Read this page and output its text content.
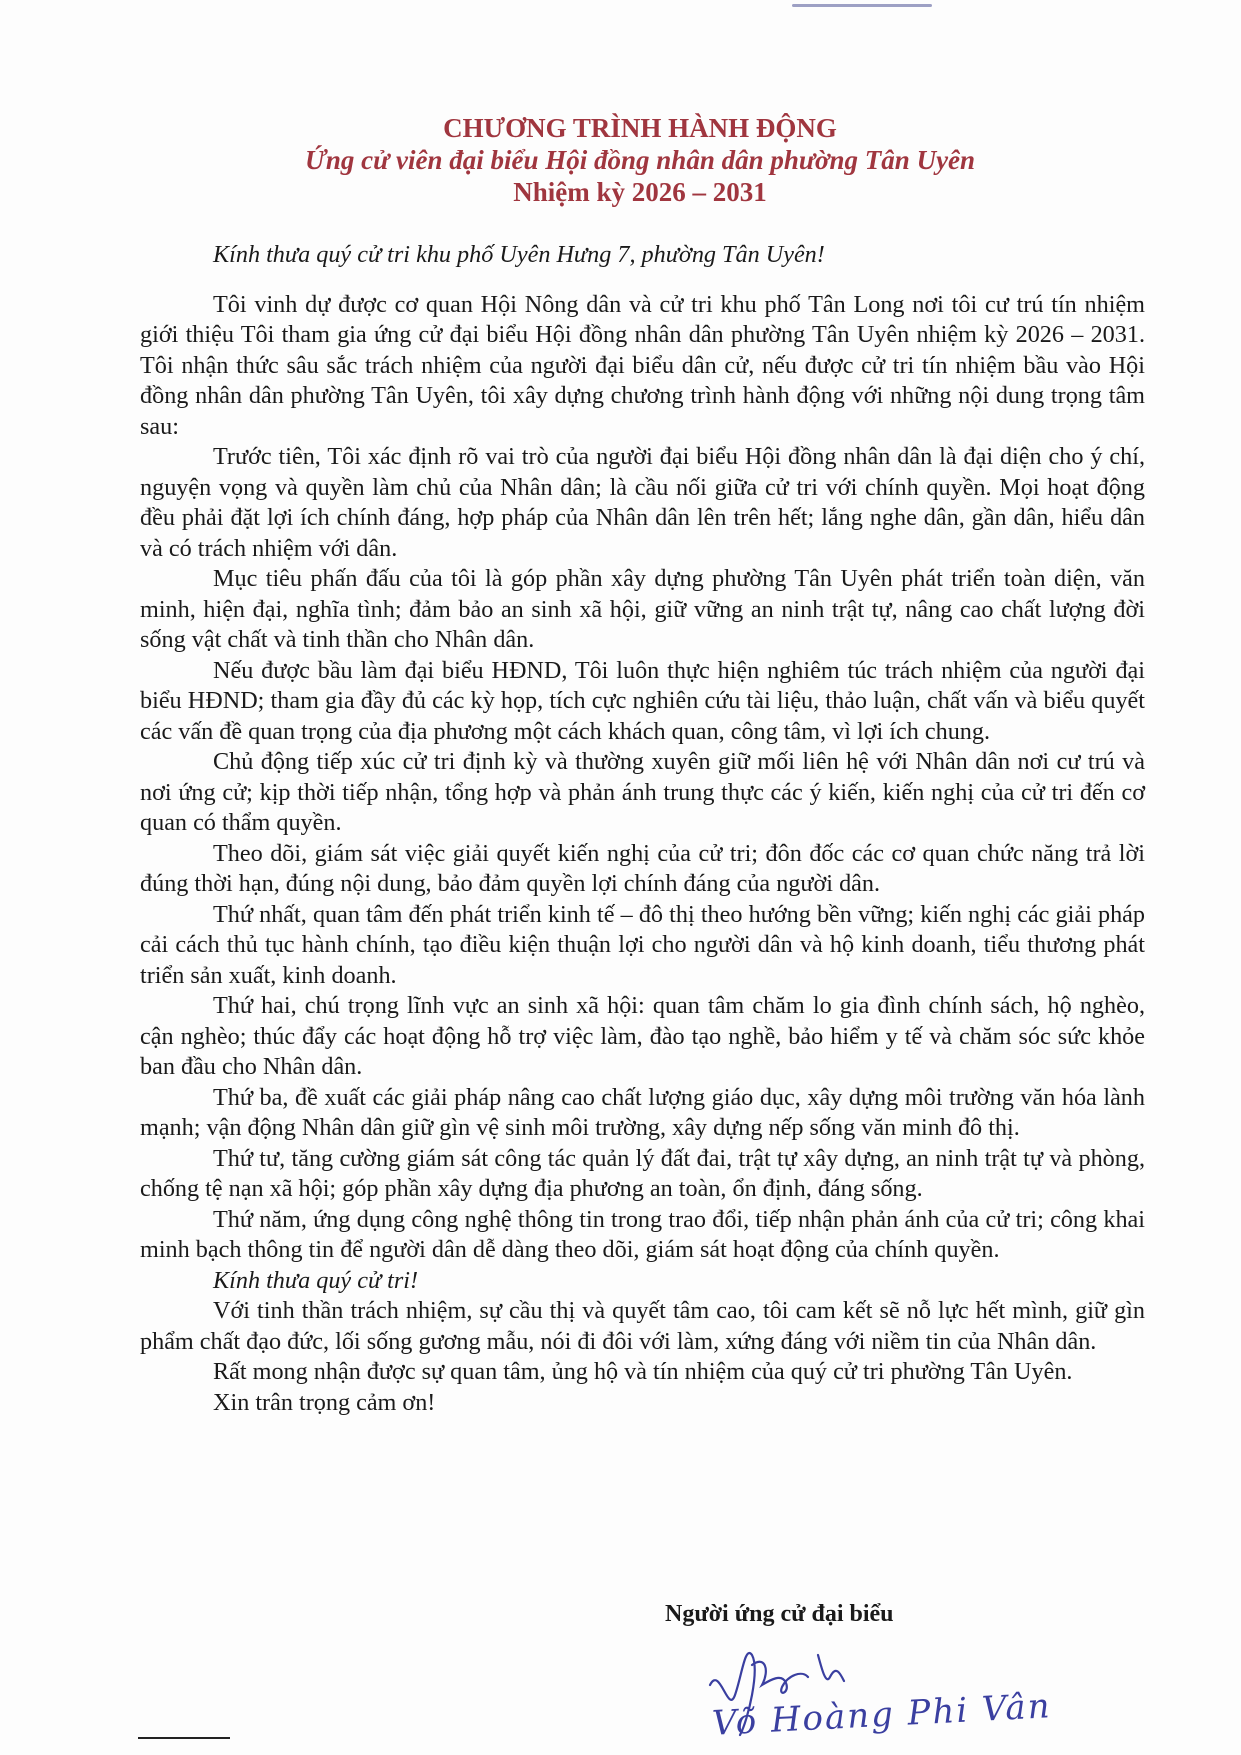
CHƯƠNG TRÌNH HÀNH ĐỘNG
Ứng cử viên đại biểu Hội đồng nhân dân phường Tân Uyên
Nhiệm kỳ 2026 – 2031

Kính thưa quý cử tri khu phố Uyên Hưng 7, phường Tân Uyên!

Tôi vinh dự được cơ quan Hội Nông dân và cử tri khu phố Tân Long nơi tôi cư trú tín nhiệm giới thiệu Tôi tham gia ứng cử đại biểu Hội đồng nhân dân phường Tân Uyên nhiệm kỳ 2026 – 2031. Tôi nhận thức sâu sắc trách nhiệm của người đại biểu dân cử, nếu được cử tri tín nhiệm bầu vào Hội đồng nhân dân phường Tân Uyên, tôi xây dựng chương trình hành động với những nội dung trọng tâm sau:

Trước tiên, Tôi xác định rõ vai trò của người đại biểu Hội đồng nhân dân là đại diện cho ý chí, nguyện vọng và quyền làm chủ của Nhân dân; là cầu nối giữa cử tri với chính quyền. Mọi hoạt động đều phải đặt lợi ích chính đáng, hợp pháp của Nhân dân lên trên hết; lắng nghe dân, gần dân, hiểu dân và có trách nhiệm với dân.

Mục tiêu phấn đấu của tôi là góp phần xây dựng phường Tân Uyên phát triển toàn diện, văn minh, hiện đại, nghĩa tình; đảm bảo an sinh xã hội, giữ vững an ninh trật tự, nâng cao chất lượng đời sống vật chất và tinh thần cho Nhân dân.

Nếu được bầu làm đại biểu HĐND, Tôi luôn thực hiện nghiêm túc trách nhiệm của người đại biểu HĐND; tham gia đầy đủ các kỳ họp, tích cực nghiên cứu tài liệu, thảo luận, chất vấn và biểu quyết các vấn đề quan trọng của địa phương một cách khách quan, công tâm, vì lợi ích chung.

Chủ động tiếp xúc cử tri định kỳ và thường xuyên giữ mối liên hệ với Nhân dân nơi cư trú và nơi ứng cử; kịp thời tiếp nhận, tổng hợp và phản ánh trung thực các ý kiến, kiến nghị của cử tri đến cơ quan có thẩm quyền.

Theo dõi, giám sát việc giải quyết kiến nghị của cử tri; đôn đốc các cơ quan chức năng trả lời đúng thời hạn, đúng nội dung, bảo đảm quyền lợi chính đáng của người dân.

Thứ nhất, quan tâm đến phát triển kinh tế – đô thị theo hướng bền vững; kiến nghị các giải pháp cải cách thủ tục hành chính, tạo điều kiện thuận lợi cho người dân và hộ kinh doanh, tiểu thương phát triển sản xuất, kinh doanh.

Thứ hai, chú trọng lĩnh vực an sinh xã hội: quan tâm chăm lo gia đình chính sách, hộ nghèo, cận nghèo; thúc đẩy các hoạt động hỗ trợ việc làm, đào tạo nghề, bảo hiểm y tế và chăm sóc sức khỏe ban đầu cho Nhân dân.

Thứ ba, đề xuất các giải pháp nâng cao chất lượng giáo dục, xây dựng môi trường văn hóa lành mạnh; vận động Nhân dân giữ gìn vệ sinh môi trường, xây dựng nếp sống văn minh đô thị.

Thứ tư, tăng cường giám sát công tác quản lý đất đai, trật tự xây dựng, an ninh trật tự và phòng, chống tệ nạn xã hội; góp phần xây dựng địa phương an toàn, ổn định, đáng sống.

Thứ năm, ứng dụng công nghệ thông tin trong trao đổi, tiếp nhận phản ánh của cử tri; công khai minh bạch thông tin để người dân dễ dàng theo dõi, giám sát hoạt động của chính quyền.

Kính thưa quý cử tri!

Với tinh thần trách nhiệm, sự cầu thị và quyết tâm cao, tôi cam kết sẽ nỗ lực hết mình, giữ gìn phẩm chất đạo đức, lối sống gương mẫu, nói đi đôi với làm, xứng đáng với niềm tin của Nhân dân.

Rất mong nhận được sự quan tâm, ủng hộ và tín nhiệm của quý cử tri phường Tân Uyên.

Xin trân trọng cảm ơn!

Người ứng cử đại biểu
Võ Hoàng Phi Vân
